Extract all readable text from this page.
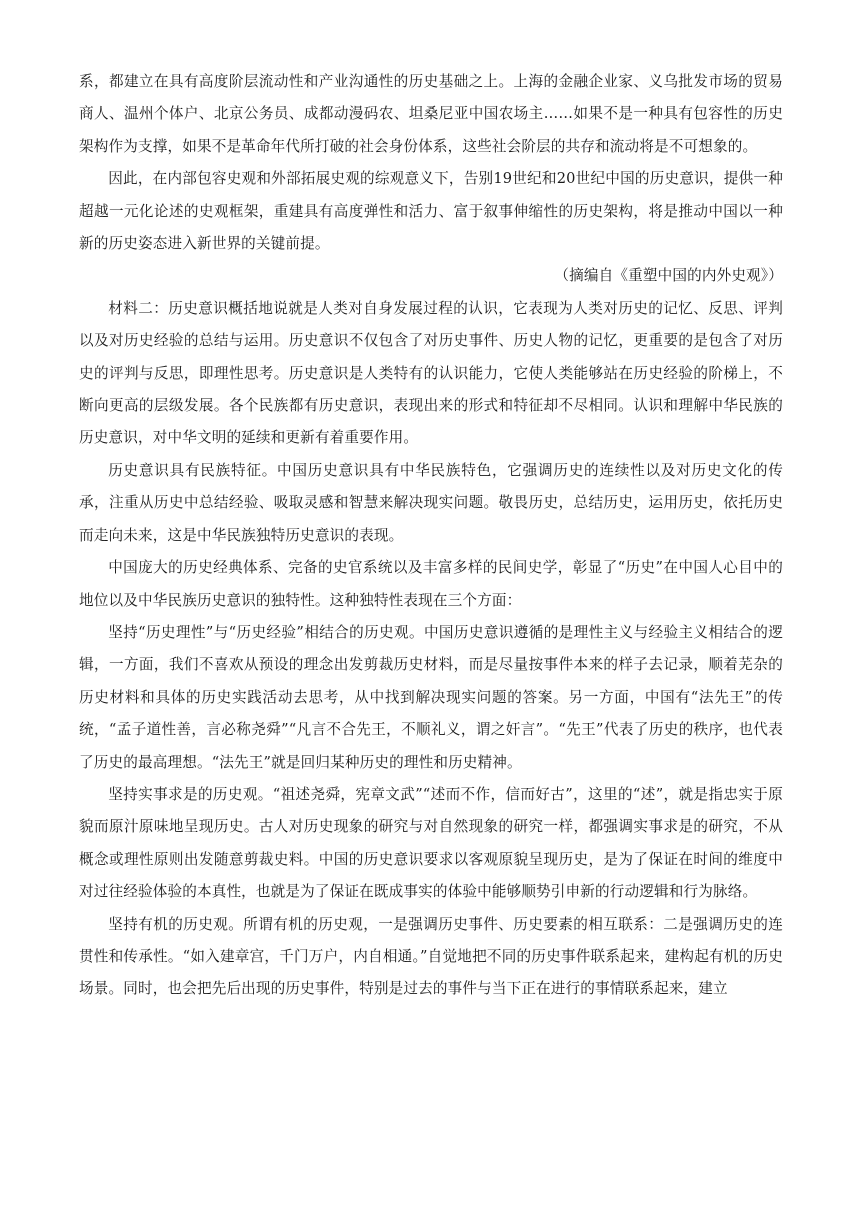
系，都建立在具有高度阶层流动性和产业沟通性的历史基础之上。上海的金融企业家、义乌批发市场的贸易商人、温州个体户、北京公务员、成都动漫码农、坦桑尼亚中国农场主……如果不是一种具有包容性的历史架构作为支撑，如果不是革命年代所打破的社会身份体系，这些社会阶层的共存和流动将是不可想象的。

因此，在内部包容史观和外部拓展史观的综观意义下，告别19世纪和20世纪中国的历史意识，提供一种超越一元化论述的史观框架，重建具有高度弹性和活力、富于叙事伸缩性的历史架构，将是推动中国以一种新的历史姿态进入新世界的关键前提。

（摘编自《重塑中国的内外史观》）

材料二：历史意识概括地说就是人类对自身发展过程的认识，它表现为人类对历史的记忆、反思、评判以及对历史经验的总结与运用。历史意识不仅包含了对历史事件、历史人物的记忆，更重要的是包含了对历史的评判与反思，即理性思考。历史意识是人类特有的认识能力，它使人类能够站在历史经验的阶梯上，不断向更高的层级发展。各个民族都有历史意识，表现出来的形式和特征却不尽相同。认识和理解中华民族的历史意识，对中华文明的延续和更新有着重要作用。

历史意识具有民族特征。中国历史意识具有中华民族特色，它强调历史的连续性以及对历史文化的传承，注重从历史中总结经验、吸取灵感和智慧来解决现实问题。敬畏历史，总结历史，运用历史，依托历史而走向未来，这是中华民族独特历史意识的表现。

中国庞大的历史经典体系、完备的史官系统以及丰富多样的民间史学，彰显了“历史”在中国人心目中的地位以及中华民族历史意识的独特性。这种独特性表现在三个方面：

坚持“历史理性”与“历史经验”相结合的历史观。中国历史意识遵循的是理性主义与经验主义相结合的逻辑，一方面，我们不喜欢从预设的理念出发剪裁历史材料，而是尽量按事件本来的样子去记录，顺着芜杂的历史材料和具体的历史实践活动去思考，从中找到解决现实问题的答案。另一方面，中国有“法先王”的传统，“孟子道性善，言必称尧舜”“凡言不合先王，不顺礼义，谓之奸言”。“先王”代表了历史的秩序，也代表了历史的最高理想。“法先王”就是回归某种历史的理性和历史精神。

坚持实事求是的历史观。“祖述尧舜，宪章文武”“述而不作，信而好古”，这里的“述”，就是指忠实于原貌而原汁原味地呈现历史。古人对历史现象的研究与对自然现象的研究一样，都强调实事求是的研究，不从概念或理性原则出发随意剪裁史料。中国的历史意识要求以客观原貌呈现历史，是为了保证在时间的维度中对过往经验体验的本真性，也就是为了保证在既成事实的体验中能够顺势引申新的行动逻辑和行为脉络。

坚持有机的历史观。所谓有机的历史观，一是强调历史事件、历史要素的相互联系：二是强调历史的连贯性和传承性。“如入建章宫，千门万户，内自相通。”自觉地把不同的历史事件联系起来，建构起有机的历史场景。同时，也会把先后出现的历史事件，特别是过去的事件与当下正在进行的事情联系起来，建立
